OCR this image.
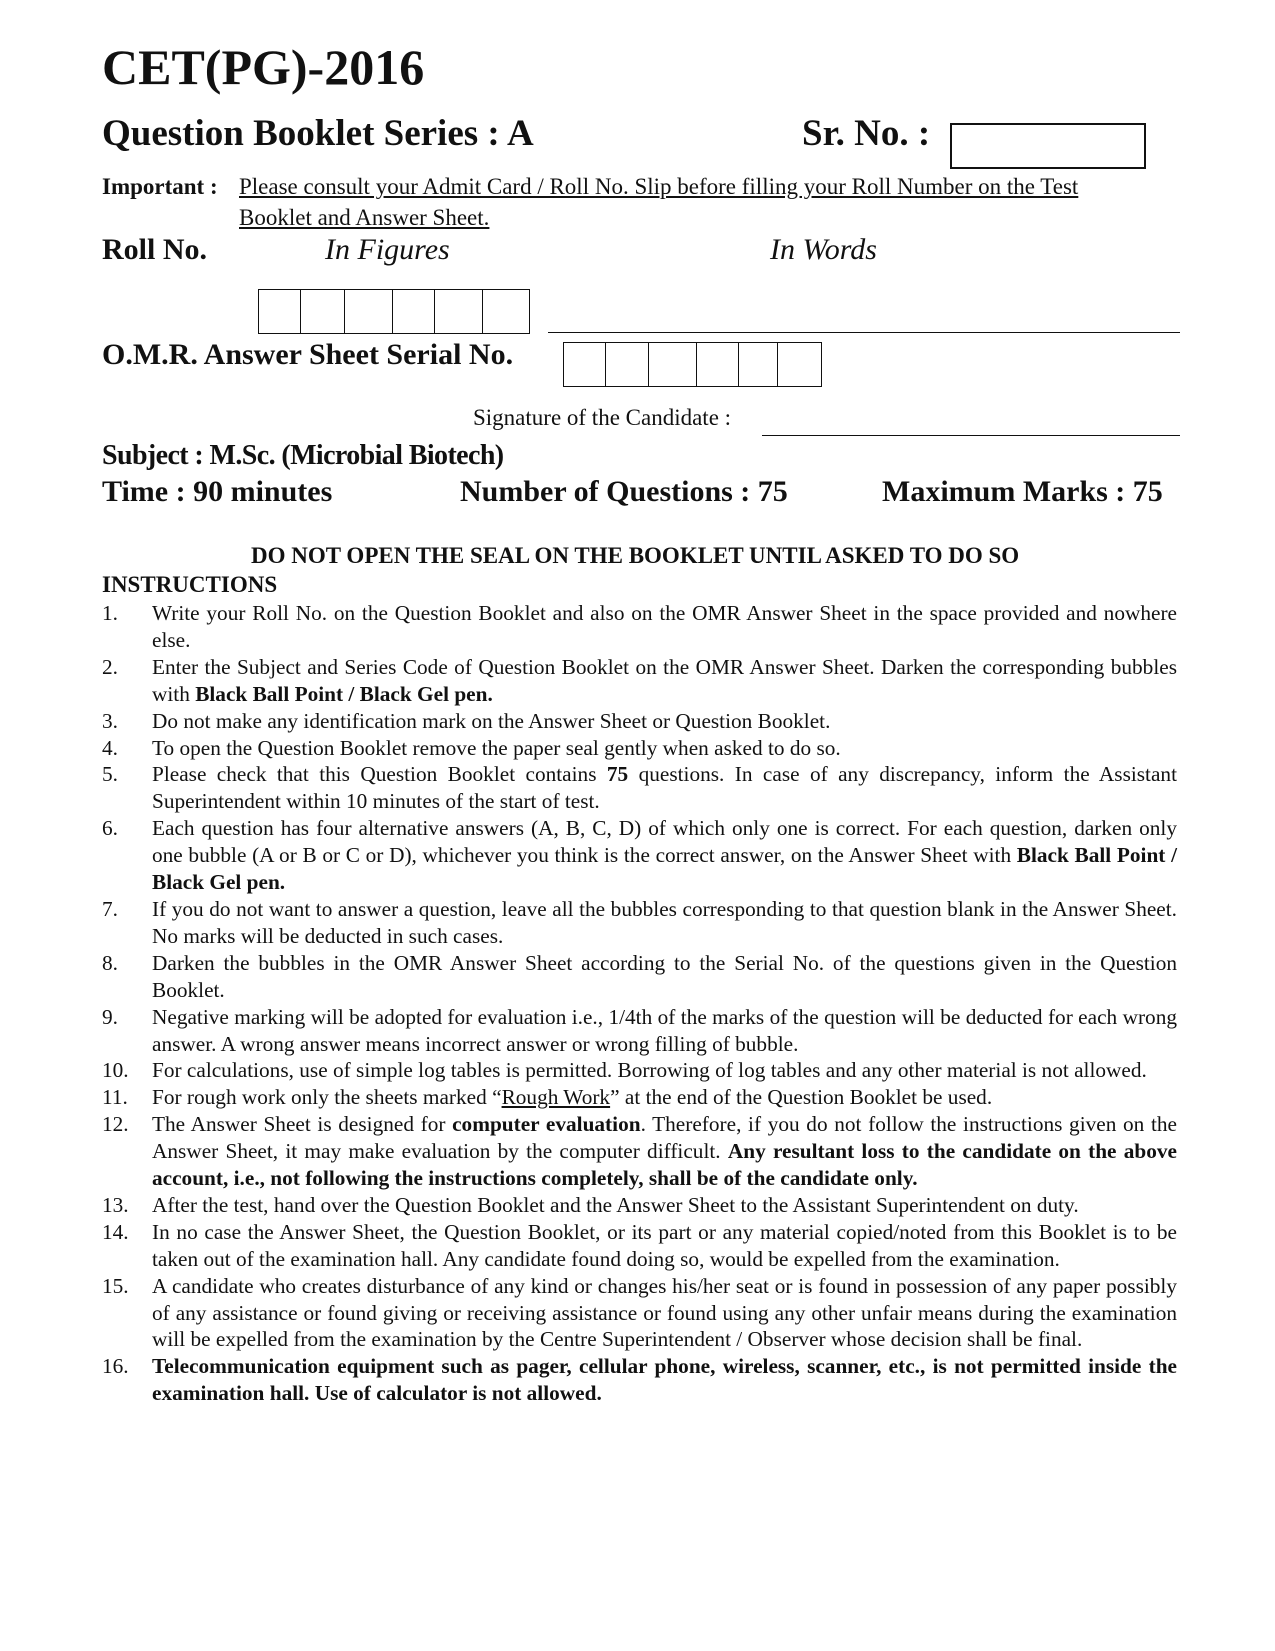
CET(PG)-2016
Question Booklet Series : A	Sr. No. :
Important : Please consult your Admit Card / Roll No. Slip before filling your Roll Number on the Test
Booklet and Answer Sheet.
Roll No.	In Figures	In Words
O.M.R. Answer Sheet Serial No.
Signature of the Candidate :
Subject : M.Sc. (Microbial Biotech)
Time : 90 minutes	Number of Questions : 75	Maximum Marks : 75
DO NOT OPEN THE SEAL ON THE BOOKLET UNTIL ASKED TO DO SO
INSTRUCTIONS
1. Write your Roll No. on the Question Booklet and also on the OMR Answer Sheet in the space provided and nowhere else.
2. Enter the Subject and Series Code of Question Booklet on the OMR Answer Sheet. Darken the corresponding bubbles with Black Ball Point / Black Gel pen.
3. Do not make any identification mark on the Answer Sheet or Question Booklet.
4. To open the Question Booklet remove the paper seal gently when asked to do so.
5. Please check that this Question Booklet contains 75 questions. In case of any discrepancy, inform the Assistant Superintendent within 10 minutes of the start of test.
6. Each question has four alternative answers (A, B, C, D) of which only one is correct. For each question, darken only one bubble (A or B or C or D), whichever you think is the correct answer, on the Answer Sheet with Black Ball Point / Black Gel pen.
7. If you do not want to answer a question, leave all the bubbles corresponding to that question blank in the Answer Sheet. No marks will be deducted in such cases.
8. Darken the bubbles in the OMR Answer Sheet according to the Serial No. of the questions given in the Question Booklet.
9. Negative marking will be adopted for evaluation i.e., 1/4th of the marks of the question will be deducted for each wrong answer. A wrong answer means incorrect answer or wrong filling of bubble.
10. For calculations, use of simple log tables is permitted. Borrowing of log tables and any other material is not allowed.
11. For rough work only the sheets marked “Rough Work” at the end of the Question Booklet be used.
12. The Answer Sheet is designed for computer evaluation. Therefore, if you do not follow the instructions given on the Answer Sheet, it may make evaluation by the computer difficult. Any resultant loss to the candidate on the above account, i.e., not following the instructions completely, shall be of the candidate only.
13. After the test, hand over the Question Booklet and the Answer Sheet to the Assistant Superintendent on duty.
14. In no case the Answer Sheet, the Question Booklet, or its part or any material copied/noted from this Booklet is to be taken out of the examination hall. Any candidate found doing so, would be expelled from the examination.
15. A candidate who creates disturbance of any kind or changes his/her seat or is found in possession of any paper possibly of any assistance or found giving or receiving assistance or found using any other unfair means during the examination will be expelled from the examination by the Centre Superintendent / Observer whose decision shall be final.
16. Telecommunication equipment such as pager, cellular phone, wireless, scanner, etc., is not permitted inside the examination hall. Use of calculator is not allowed.
